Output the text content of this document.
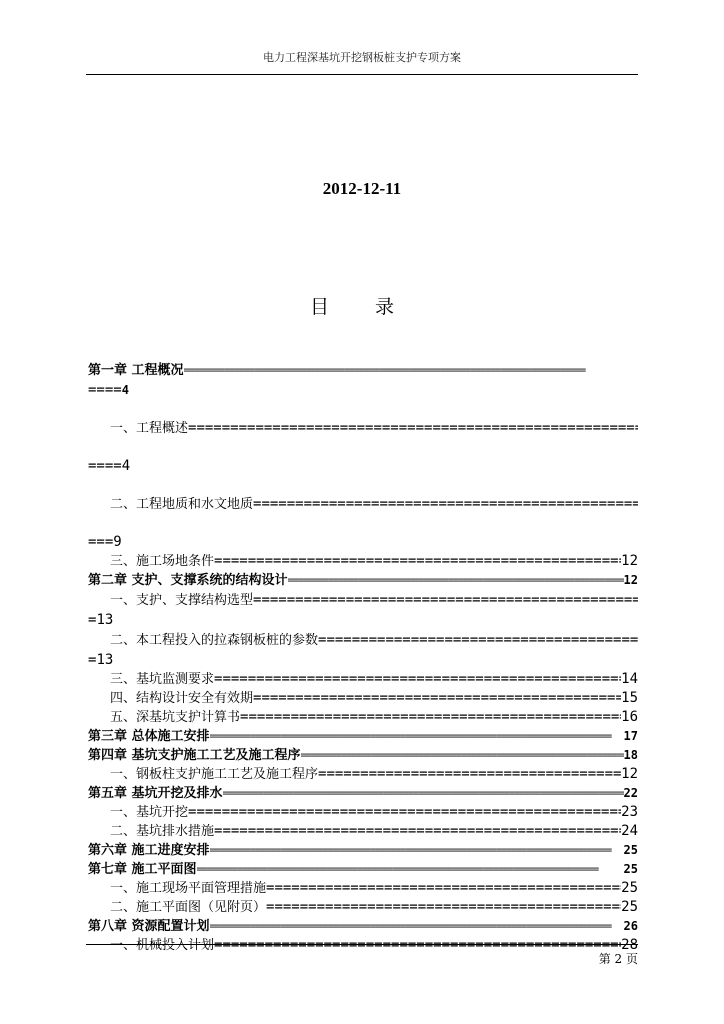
电力工程深基坑开挖钢板桩支护专项方案
2012-12-11
目 录
第一章 工程概况
=====
==== 4
一、工程概述
=====
==== 4
二、工程地质和水文地质
=====
=== 9
三、施工场地条件 =====	12
第二章 支护、支撑系统的结构设计 =====	12
一、支护、支撑结构选型
=====
= 13
二、本工程投入的拉森钢板桩的参数
=====
= 13
三、基坑监测要求 =====	14
四、结构设计安全有效期 =====	15
五、深基坑支护计算书 =====	16
第三章 总体施工安排 =====	17
第四章 基坑支护施工工艺及施工程序 =====	18
一、钢板柱支护施工工艺及施工程序 =====	12
第五章 基坑开挖及排水 =====	22
一、基坑开挖 =====	23
二、基坑排水措施 =====	24
第六章 施工进度安排 =====	25
第七章 施工平面图 =====	25
一、施工现场平面管理措施 =====	25
二、施工平面图（见附页） =====	25
第八章 资源配置计划 =====	26
一、机械投入计划 =====	28
第 2 页
